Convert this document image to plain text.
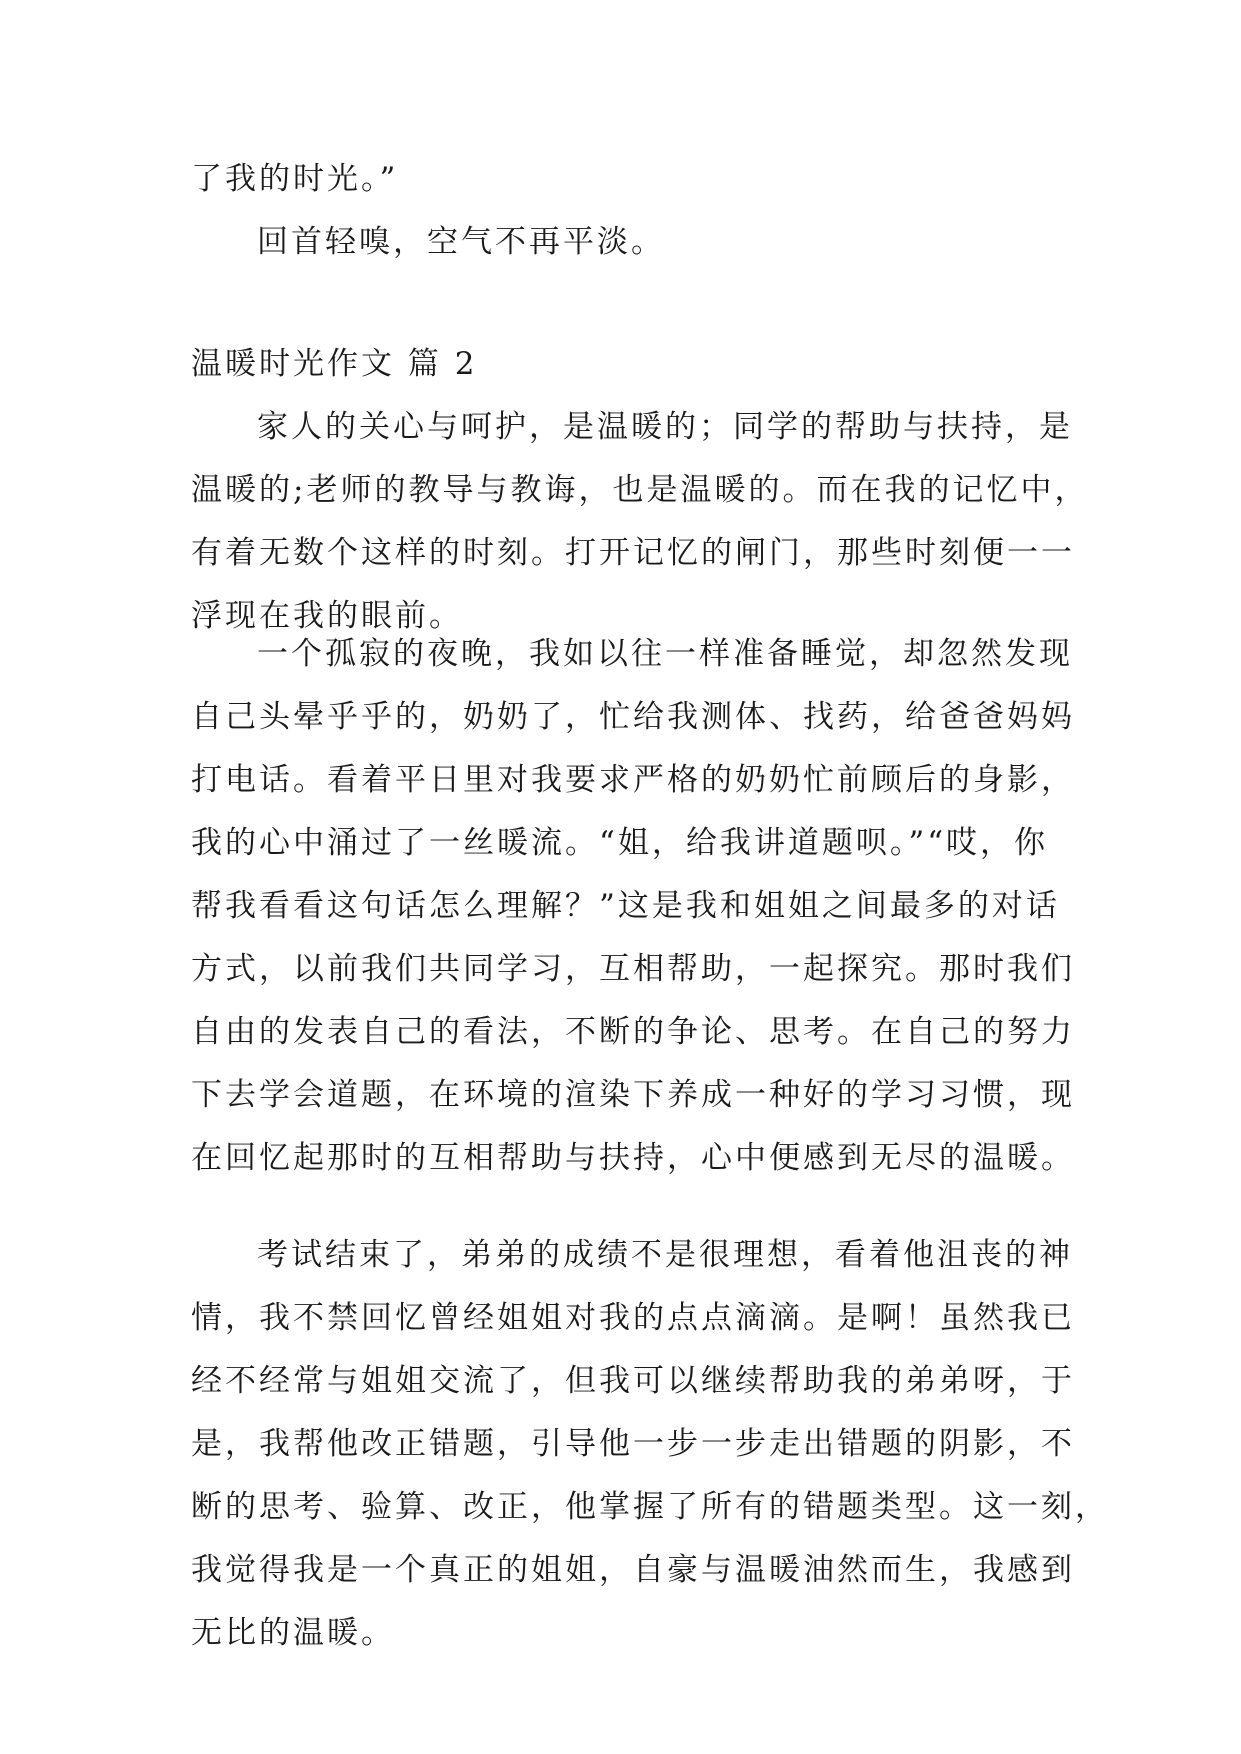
了我的时光。”
回首轻嗅，空气不再平淡。
温暖时光作文 篇 2
家人的关心与呵护，是温暖的；同学的帮助与扶持，是
温暖的;老师的教导与教诲，也是温暖的。而在我的记忆中，
有着无数个这样的时刻。打开记忆的闸门，那些时刻便一一
浮现在我的眼前。
一个孤寂的夜晚，我如以往一样准备睡觉，却忽然发现
自己头晕乎乎的，奶奶了，忙给我测体、找药，给爸爸妈妈
打电话。看着平日里对我要求严格的奶奶忙前顾后的身影，
我的心中涌过了一丝暖流。“姐，给我讲道题呗。”“哎，你
帮我看看这句话怎么理解？”这是我和姐姐之间最多的对话
方式，以前我们共同学习，互相帮助，一起探究。那时我们
自由的发表自己的看法，不断的争论、思考。在自己的努力
下去学会道题，在环境的渲染下养成一种好的学习习惯，现
在回忆起那时的互相帮助与扶持，心中便感到无尽的温暖。
考试结束了，弟弟的成绩不是很理想，看着他沮丧的神
情，我不禁回忆曾经姐姐对我的点点滴滴。是啊！虽然我已
经不经常与姐姐交流了，但我可以继续帮助我的弟弟呀，于
是，我帮他改正错题，引导他一步一步走出错题的阴影，不
断的思考、验算、改正，他掌握了所有的错题类型。这一刻，
我觉得我是一个真正的姐姐，自豪与温暖油然而生，我感到
无比的温暖。
